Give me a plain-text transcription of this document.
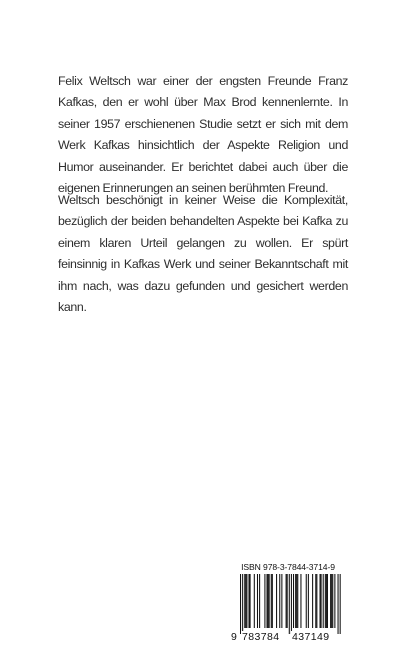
Felix Weltsch war einer der engsten Freunde Franz Kafkas, den er wohl über Max Brod kennenlernte. In seiner 1957 erschienenen Studie setzt er sich mit dem Werk Kafkas hinsichtlich der Aspekte Religion und Humor auseinander. Er berichtet dabei auch über die eigenen Erinnerungen an seinen berühmten Freund.

Weltsch beschönigt in keiner Weise die Komplexität, bezüglich der beiden behandelten Aspekte bei Kafka zu einem klaren Urteil gelangen zu wollen. Er spürt feinsinnig in Kafkas Werk und seiner Bekanntschaft mit ihm nach, was dazu gefunden und gesichert werden kann.

ISBN 978-3-7844-3714-9
9 783784 437149
